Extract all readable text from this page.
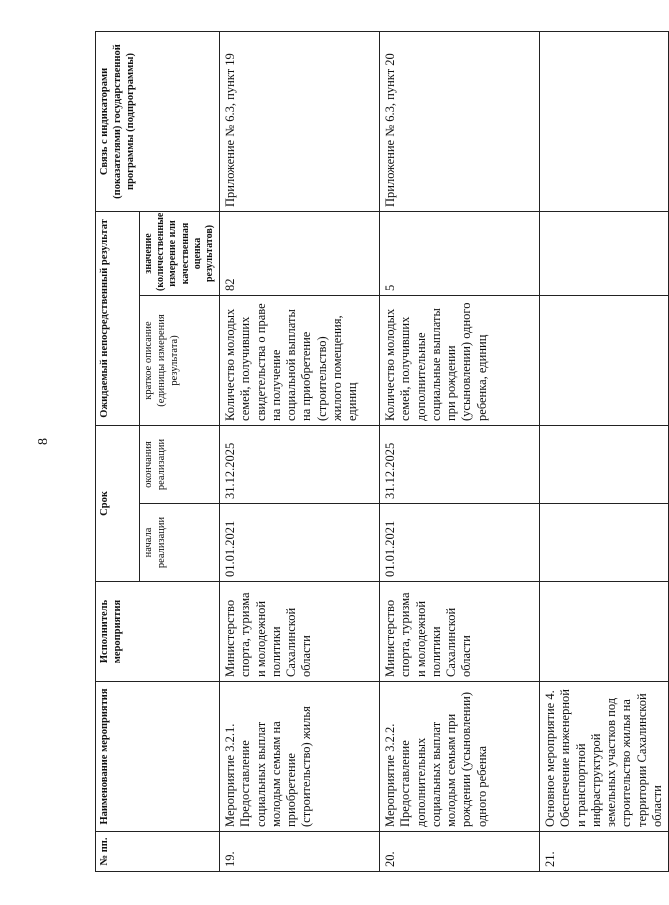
8
№ пп.	Наименование мероприятия	Исполнитель мероприятия	Срок		Ожидаемый непосредственный результат		Связь с индикаторами (показателями) государственной программы (подпрограммы)
			начала реализации	окончания реализации	краткое описание (единицы измерения результата)	значение (количественные измерение или качественная оценка результатов)	
19.	Мероприятие 3.2.1. Предоставление социальных выплат молодым семьям на приобретение (строительство) жилья	Министерство спорта, туризма и молодежной политики Сахалинской области	01.01.2021	31.12.2025	Количество молодых семей, получивших свидетельства о праве на получение социальной выплаты на приобретение (строительство) жилого помещения, единиц	82	Приложение № 6.3, пункт 19
20.	Мероприятие 3.2.2. Предоставление дополнительных социальных выплат молодым семьям при рождении (усыновлении) одного ребенка	Министерство спорта, туризма и молодежной политики Сахалинской области	01.01.2021	31.12.2025	Количество молодых семей, получивших дополнительные социальные выплаты при рождении (усыновлении) одного ребенка, единиц	5	Приложение № 6.3, пункт 20
21.	Основное мероприятие 4. Обеспечение инженерной и транспортной инфраструктурой земельных участков под строительство жилья на территории Сахалинской области						
